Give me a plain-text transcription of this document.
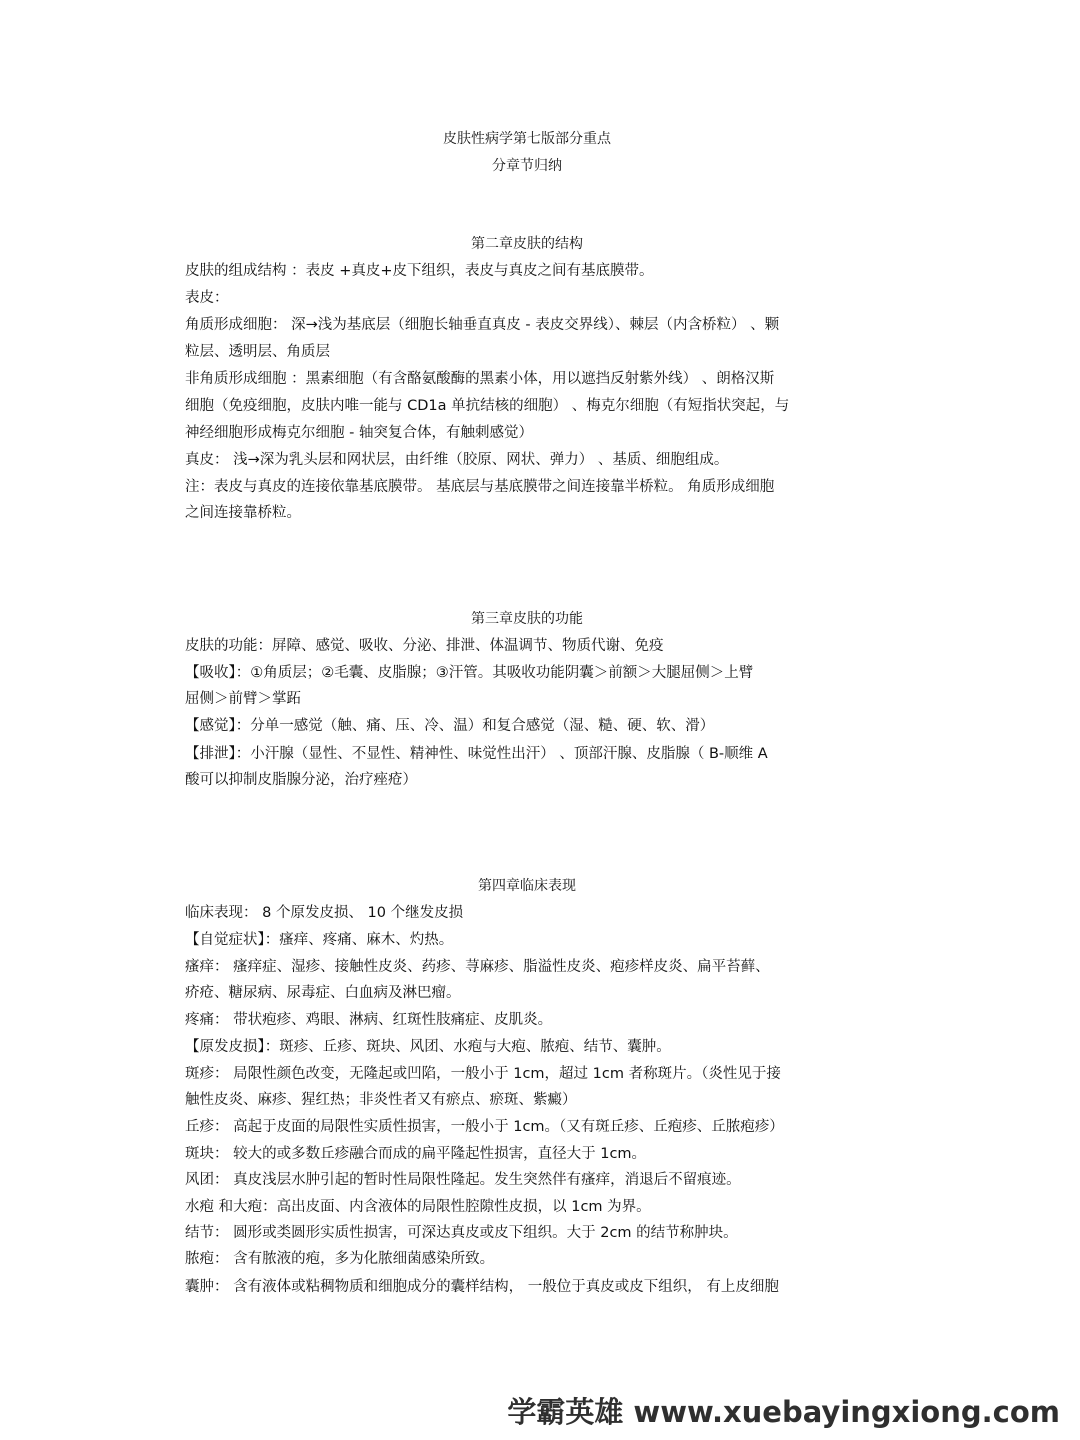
皮肤性病学第七版部分重点
分章节归纳
第二章皮肤的结构
皮肤的组成结构 ：表皮 +真皮+皮下组织，表皮与真皮之间有基底膜带。
表皮：
角质形成细胞： 深→浅为基底层（细胞长轴垂直真皮 - 表皮交界线）、棘层（内含桥粒） 、颗
粒层、透明层、角质层
非角质形成细胞 ：黑素细胞（有含酪氨酸酶的黑素小体，用以遮挡反射紫外线） 、朗格汉斯
细胞（免疫细胞，皮肤内唯一能与 CD1a 单抗结核的细胞） 、梅克尔细胞（有短指状突起，与
神经细胞形成梅克尔细胞 - 轴突复合体，有触刺感觉）
真皮： 浅→深为乳头层和网状层，由纤维（胶原、网状、弹力） 、基质、细胞组成。
注：表皮与真皮的连接依靠基底膜带。 基底层与基底膜带之间连接靠半桥粒。 角质形成细胞
之间连接靠桥粒。
第三章皮肤的功能
皮肤的功能：屏障、感觉、吸收、分泌、排泄、体温调节、物质代谢、免疫
【吸收】：①角质层；②毛囊、皮脂腺；③汗管。其吸收功能阴囊＞前额＞大腿屈侧＞上臂
屈侧＞前臂＞掌跖
【感觉】：分单一感觉（触、痛、压、冷、温）和复合感觉（湿、糙、硬、软、滑）
【排泄】：小汗腺（显性、不显性、精神性、味觉性出汗） 、顶部汗腺、皮脂腺（ B-顺维 A
酸可以抑制皮脂腺分泌，治疗痤疮）
第四章临床表现
临床表现： 8 个原发皮损、 10 个继发皮损
【自觉症状】：瘙痒、疼痛、麻木、灼热。
瘙痒： 瘙痒症、湿疹、接触性皮炎、药疹、荨麻疹、脂溢性皮炎、疱疹样皮炎、扁平苔藓、
疥疮、糖尿病、尿毒症、白血病及淋巴瘤。
疼痛： 带状疱疹、鸡眼、淋病、红斑性肢痛症、皮肌炎。
【原发皮损】：斑疹、丘疹、斑块、风团、水疱与大疱、脓疱、结节、囊肿。
斑疹： 局限性颜色改变，无隆起或凹陷，一般小于 1cm，超过 1cm 者称斑片。（炎性见于接
触性皮炎、麻疹、猩红热；非炎性者又有瘀点、瘀斑、紫癜）
丘疹： 高起于皮面的局限性实质性损害，一般小于 1cm。（又有斑丘疹、丘疱疹、丘脓疱疹）
斑块： 较大的或多数丘疹融合而成的扁平隆起性损害，直径大于 1cm。
风团： 真皮浅层水肿引起的暂时性局限性隆起。发生突然伴有瘙痒，消退后不留痕迹。
水疱 和大疱：高出皮面、内含液体的局限性腔隙性皮损，以 1cm 为界。
结节： 圆形或类圆形实质性损害，可深达真皮或皮下组织。大于 2cm 的结节称肿块。
脓疱： 含有脓液的疱，多为化脓细菌感染所致。
囊肿： 含有液体或粘稠物质和细胞成分的囊样结构， 一般位于真皮或皮下组织， 有上皮细胞
学霸英雄 www.xuebayingxiong.com
